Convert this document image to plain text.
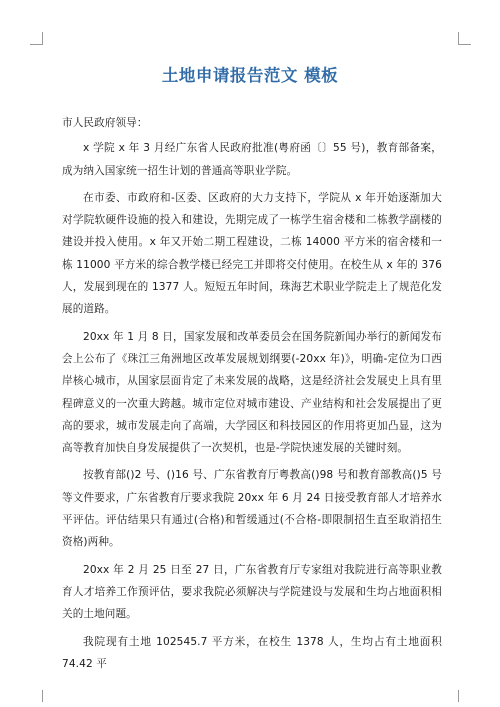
土地申请报告范文 模板

市人民政府领导：

x 学院 x 年 3 月经广东省人民政府批准(粤府函〔〕55 号)，教育部备案，成为纳入国家统一招生计划的普通高等职业学院。

在市委、市政府和-区委、区政府的大力支持下，学院从 x 年开始逐渐加大对学院软硬件设施的投入和建设，先期完成了一栋学生宿舍楼和二栋教学副楼的建设并投入使用。x 年又开始二期工程建设，二栋 14000 平方米的宿舍楼和一栋 11000 平方米的综合教学楼已经完工并即将交付使用。在校生从 x 年的 376 人，发展到现在的 1377 人。短短五年时间，珠海艺术职业学院走上了规范化发展的道路。

20xx 年 1 月 8 日，国家发展和改革委员会在国务院新闻办举行的新闻发布会上公布了《珠江三角洲地区改革发展规划纲要(-20xx 年)》，明确-定位为口西岸核心城市，从国家层面肯定了未来发展的战略，这是经济社会发展史上具有里程碑意义的一次重大跨越。城市定位对城市建设、产业结构和社会发展提出了更高的要求，城市发展走向了高端，大学园区和科技园区的作用将更加凸显，这为高等教育加快自身发展提供了一次契机，也是-学院快速发展的关键时刻。

按教育部()2 号、()16 号、广东省教育厅粤教高()98 号和教育部教高()5 号等文件要求，广东省教育厅要求我院 20xx 年 6 月 24 日接受教育部人才培养水平评估。评估结果只有通过(合格)和暂缓通过(不合格-即限制招生直至取消招生资格)两种。

20xx 年 2 月 25 日至 27 日，广东省教育厅专家组对我院进行高等职业教育人才培养工作预评估，要求我院必须解决与学院建设与发展和生均占地面积相关的土地问题。

我院现有土地 102545.7 平方米，在校生 1378 人，生均占有土地面积 74.42 平
